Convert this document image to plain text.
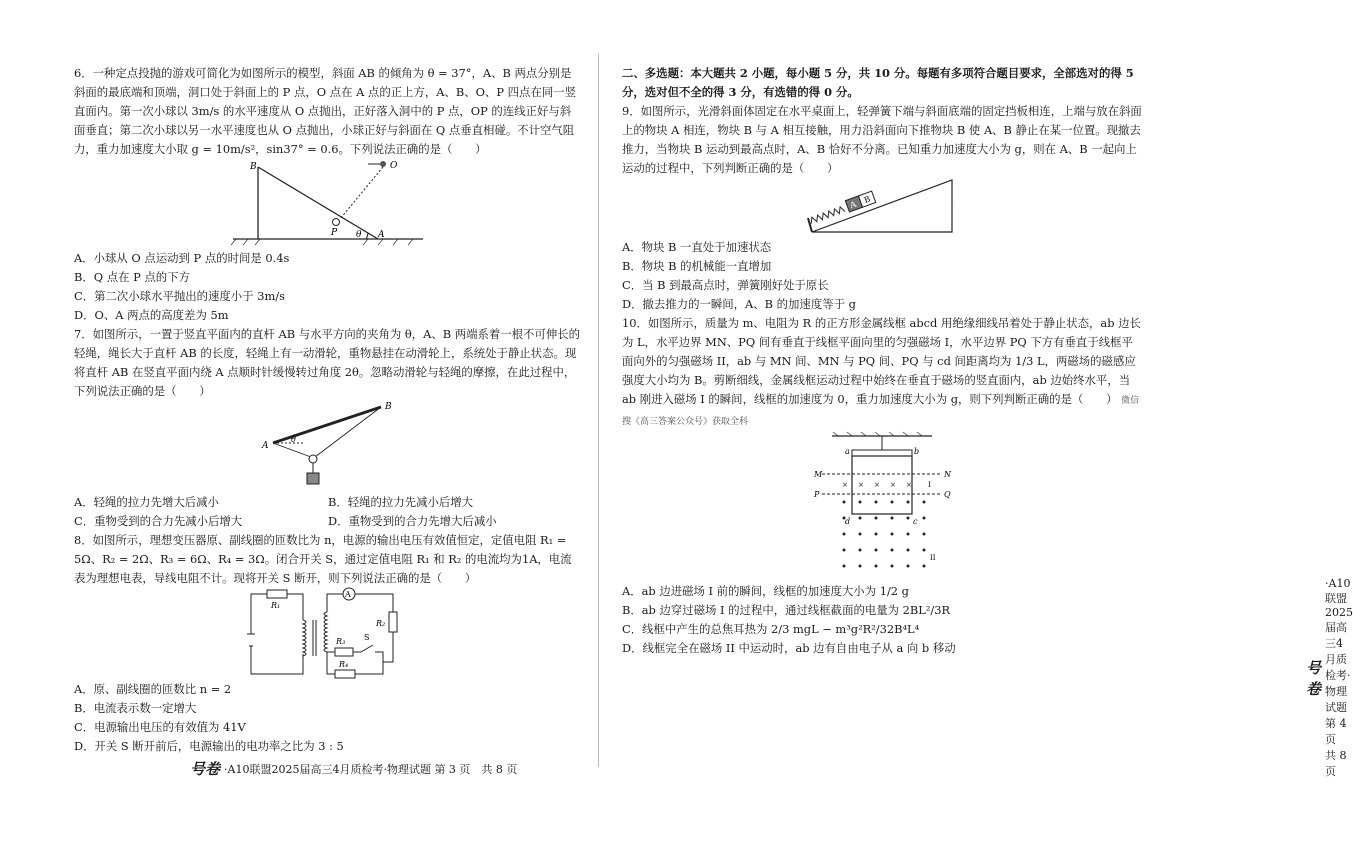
6．一种定点投抛的游戏可简化为如图所示的模型，斜面 AB 的倾角为 θ = 37°，A、B 两点分别是斜面的最底端和顶端，洞口处于斜面上的 P 点，O 点在 A 点的正上方，A、B、O、P 四点在同一竖直面内。第一次小球以 3m/s 的水平速度从 O 点抛出，正好落入洞中的 P 点，OP 的连线正好与斜面垂直；第二次小球以另一水平速度也从 O 点抛出，小球正好与斜面在 Q 点垂直相碰。不计空气阻力，重力加速度大小取 g = 10m/s²，sin37° = 0.6。下列说法正确的是（　　）
B	O
P θ A
A．小球从 O 点运动到 P 点的时间是 0.4s
B．Q 点在 P 点的下方
C．第二次小球水平抛出的速度小于 3m/s
D．O、A 两点的高度差为 5m
7．如图所示，一置于竖直平面内的直杆 AB 与水平方向的夹角为 θ，A、B 两端系着一根不可伸长的轻绳，绳长大于直杆 AB 的长度，轻绳上有一动滑轮，重物悬挂在动滑轮上，系统处于静止状态。现将直杆 AB 在竖直平面内绕 A 点顺时针缓慢转过角度 2θ。忽略动滑轮与轻绳的摩擦，在此过程中，下列说法正确的是（　　）
A
B
θ
A．轻绳的拉力先增大后减小	B．轻绳的拉力先减小后增大
C．重物受到的合力先减小后增大	D．重物受到的合力先增大后减小
8．如图所示，理想变压器原、副线圈的匝数比为 n，电源的输出电压有效值恒定，定值电阻 R₁ = 5Ω、R₂ = 2Ω、R₃ = 6Ω、R₄ = 3Ω。闭合开关 S，通过定值电阻 R₁ 和 R₂ 的电流均为1A，电流表为理想电表，导线电阻不计。现将开关 S 断开，则下列说法正确的是（　　）
R₁
A
R₂
R₃ S
R₄
A．原、副线圈的匝数比 n = 2
B．电流表示数一定增大
C．电源输出电压的有效值为 41V
D．开关 S 断开前后，电源输出的电功率之比为 3 : 5
号卷 ·A10联盟2025届高三4月质检考·物理试题 第 3 页　共 8 页
二、多选题：本大题共 2 小题，每小题 5 分，共 10 分。每题有多项符合题目要求，全部选对的得 5 分，选对但不全的得 3 分，有选错的得 0 分。
9．如图所示，光滑斜面体固定在水平桌面上，轻弹簧下端与斜面底端的固定挡板相连，上端与放在斜面上的物块 A 相连，物块 B 与 A 相互接触，用力沿斜面向下推物块 B 使 A、B 静止在某一位置。现撤去推力，当物块 B 运动到最高点时，A、B 恰好不分离。已知重力加速度大小为 g，则在 A、B 一起向上运动的过程中，下列判断正确的是（　　）
A B
A．物块 B 一直处于加速状态
B．物块 B 的机械能一直增加
C．当 B 到最高点时，弹簧刚好处于原长
D．撤去推力的一瞬间，A、B 的加速度等于 g
10．如图所示，质量为 m、电阻为 R 的正方形金属线框 abcd 用绝缘细线吊着处于静止状态，ab 边长为 L，水平边界 MN、PQ 间有垂直于线框平面向里的匀强磁场 I，水平边界 PQ 下方有垂直于线框平面向外的匀强磁场 II，ab 与 MN 间、MN 与 PQ 间、PQ 与 cd 间距离均为 1/3 L，两磁场的磁感应强度大小均为 B。剪断细线，金属线框运动过程中始终在垂直于磁场的竖直面内，ab 边始终水平，当 ab 刚进入磁场 I 的瞬间，线框的加速度为 0，重力加速度大小为 g，则下列判断正确的是（　　） 微信搜《高三答案公众号》获取全科
× × × × ×
a	b
c
d
M	N
P	Q
I
II
A．ab 边进磁场 I 前的瞬间，线框的加速度大小为 1/2 g
B．ab 边穿过磁场 I 的过程中，通过线框截面的电量为 2BL²/3R
C．线框中产生的总焦耳热为 2/3 mgL − m³g²R²/32B⁴L⁴
D．线框完全在磁场 II 中运动时，ab 边有自由电子从 a 向 b 移动
号卷
·A10联盟2025届高三4月质检考·物理试题 第 4 页　共 8 页
